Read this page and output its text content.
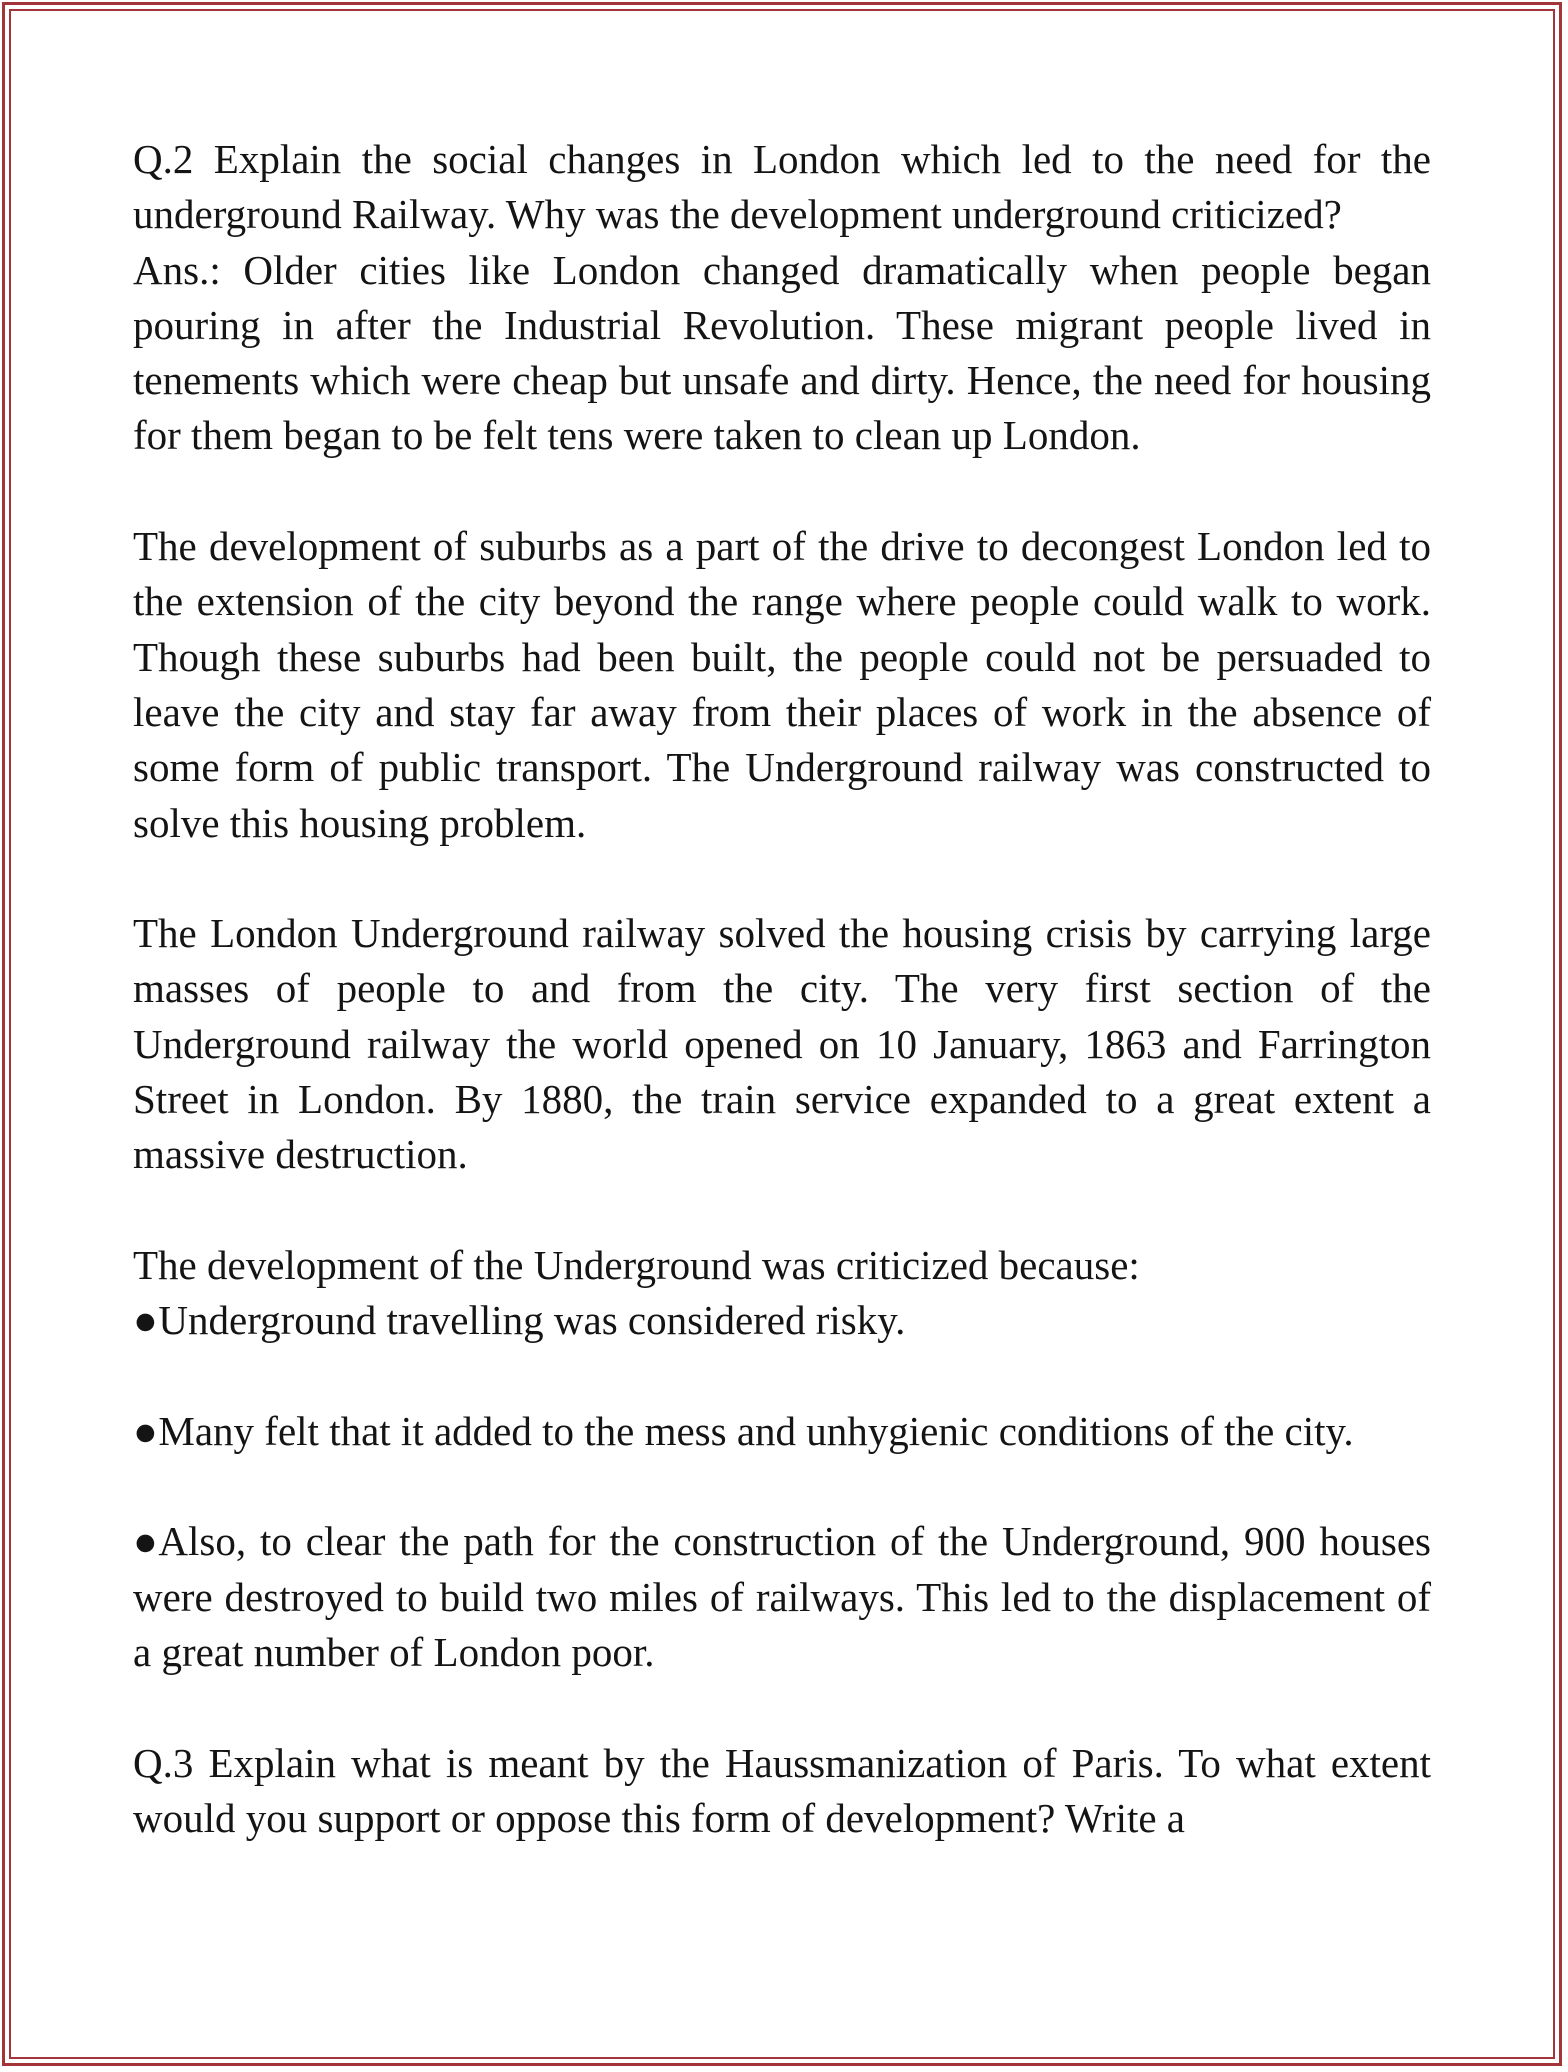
Q.2 Explain the social changes in London which led to the need for the underground Railway. Why was the development underground criticized?

Ans.: Older cities like London changed dramatically when people began pouring in after the Industrial Revolution. These migrant people lived in tenements which were cheap but unsafe and dirty. Hence, the need for housing for them began to be felt tens were taken to clean up London.

The development of suburbs as a part of the drive to decongest London led to the extension of the city beyond the range where people could walk to work. Though these suburbs had been built, the people could not be persuaded to leave the city and stay far away from their places of work in the absence of some form of public transport. The Underground railway was constructed to solve this housing problem.

The London Underground railway solved the housing crisis by carrying large masses of people to and from the city. The very first section of the Underground railway the world opened on 10 January, 1863 and Farrington Street in London. By 1880, the train service expanded to a great extent a massive destruction.

The development of the Underground was criticized because:

●Underground travelling was considered risky.

●Many felt that it added to the mess and unhygienic conditions of the city.

●Also, to clear the path for the construction of the Underground, 900 houses were destroyed to build two miles of railways. This led to the displacement of a great number of London poor.

Q.3 Explain what is meant by the Haussmanization of Paris. To what extent would you support or oppose this form of development? Write a
